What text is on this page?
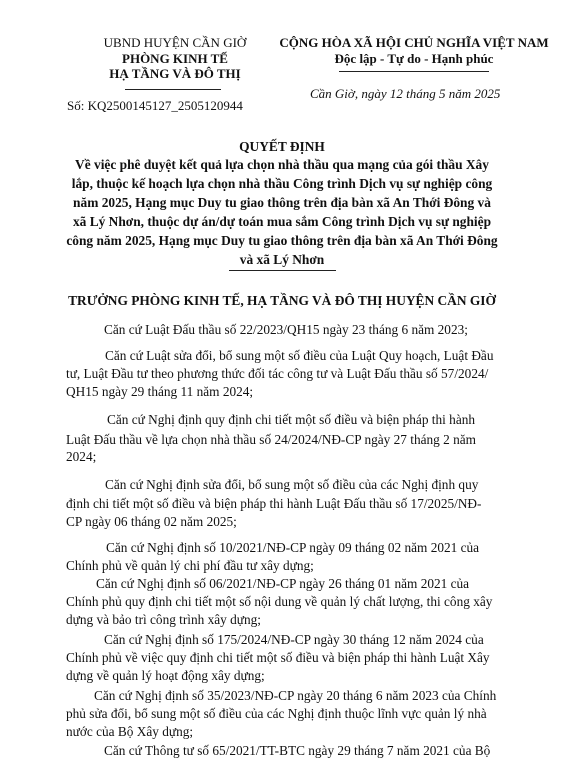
UBND HUYỆN CẦN GIỜ
PHÒNG KINH TẾ
HẠ TẦNG VÀ ĐÔ THỊ
CỘNG HÒA XÃ HỘI CHỦ NGHĨA VIỆT NAM
Độc lập - Tự do - Hạnh phúc
Cần Giờ, ngày 12 tháng 5 năm 2025
Số: KQ2500145127_2505120944
QUYẾT ĐỊNH
Về việc phê duyệt kết quả lựa chọn nhà thầu qua mạng của gói thầu Xây
lắp, thuộc kế hoạch lựa chọn nhà thầu Công trình Dịch vụ sự nghiệp công
năm 2025, Hạng mục Duy tu giao thông trên địa bàn xã An Thới Đông và
xã Lý Nhơn, thuộc dự án/dự toán mua sắm Công trình Dịch vụ sự nghiệp
công năm 2025, Hạng mục Duy tu giao thông trên địa bàn xã An Thới Đông
và xã Lý Nhơn
TRƯỞNG PHÒNG KINH TẾ, HẠ TẦNG VÀ ĐÔ THỊ HUYỆN CẦN GIỜ
Căn cứ Luật Đấu thầu số 22/2023/QH15 ngày 23 tháng 6 năm 2023;
Căn cứ Luật sửa đổi, bổ sung một số điều của Luật Quy hoạch, Luật Đầu
tư, Luật Đầu tư theo phương thức đối tác công tư và Luật Đấu thầu số 57/2024/
QH15 ngày 29 tháng 11 năm 2024;
Căn cứ Nghị định quy định chi tiết một số điều và biện pháp thi hành
Luật Đấu thầu về lựa chọn nhà thầu số 24/2024/NĐ-CP ngày 27 tháng 2 năm
2024;
Căn cứ Nghị định sửa đổi, bổ sung một số điều của các Nghị định quy
định chi tiết một số điều và biện pháp thi hành Luật Đấu thầu số 17/2025/NĐ-
CP ngày 06 tháng 02 năm 2025;
Căn cứ Nghị định số 10/2021/NĐ-CP ngày 09 tháng 02 năm 2021 của
Chính phủ về quản lý chi phí đầu tư xây dựng;
Căn cứ Nghị định số 06/2021/NĐ-CP ngày 26 tháng 01 năm 2021 của
Chính phủ quy định chi tiết một số nội dung về quản lý chất lượng, thi công xây
dựng và bảo trì công trình xây dựng;
Căn cứ Nghị định số 175/2024/NĐ-CP ngày 30 tháng 12 năm 2024 của
Chính phủ về việc quy định chi tiết một số điều và biện pháp thi hành Luật Xây
dựng về quản lý hoạt động xây dựng;
Căn cứ Nghị định số 35/2023/NĐ-CP ngày 20 tháng 6 năm 2023 của Chính
phủ sửa đổi, bổ sung một số điều của các Nghị định thuộc lĩnh vực quản lý nhà
nước của Bộ Xây dựng;
Căn cứ Thông tư số 65/2021/TT-BTC ngày 29 tháng 7 năm 2021 của Bộ
